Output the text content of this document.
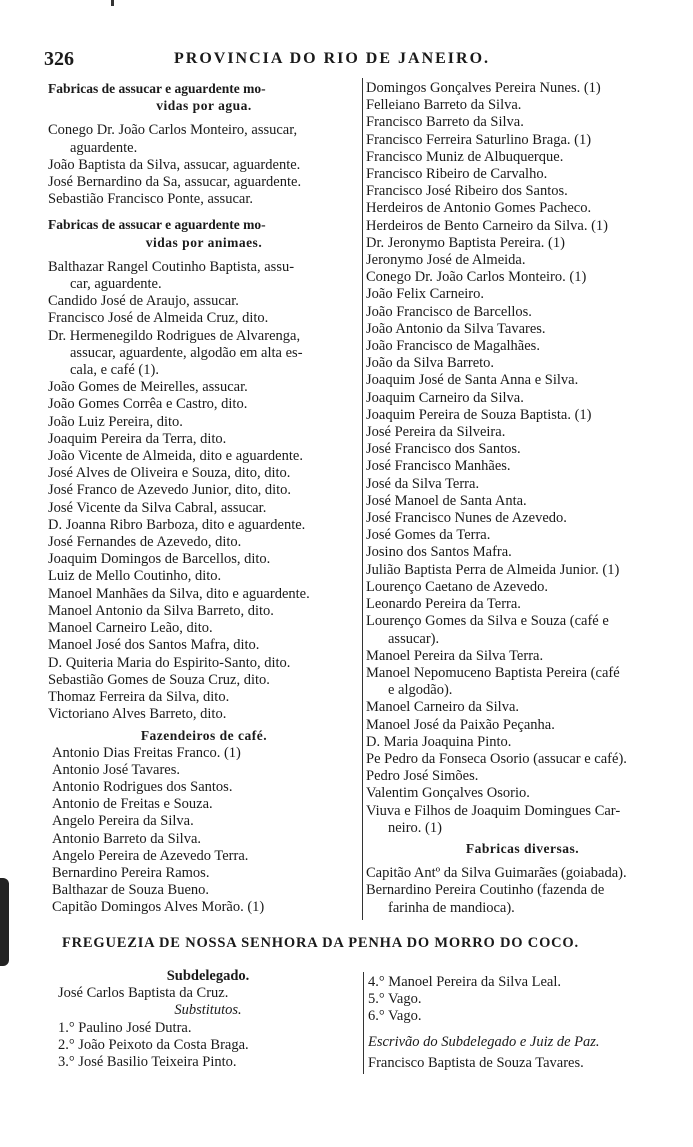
326	PROVINCIA DO RIO DE JANEIRO.
Fabricas de assucar e aguardente mo-
vidas por agua.
Conego Dr. João Carlos Monteiro, assucar,
aguardente.
João Baptista da Silva, assucar, aguardente.
José Bernardino da Sa, assucar, aguardente.
Sebastião Francisco Ponte, assucar.
Fabricas de assucar e aguardente mo-
vidas por animaes.
Balthazar Rangel Coutinho Baptista, assu-
car, aguardente.
Candido José de Araujo, assucar.
Francisco José de Almeida Cruz, dito.
Dr. Hermenegildo Rodrigues de Alvarenga,
assucar, aguardente, algodão em alta es-
cala, e café (1).
João Gomes de Meirelles, assucar.
João Gomes Corrêa e Castro, dito.
João Luiz Pereira, dito.
Joaquim Pereira da Terra, dito.
João Vicente de Almeida, dito e aguardente.
José Alves de Oliveira e Souza, dito, dito.
José Franco de Azevedo Junior, dito, dito.
José Vicente da Silva Cabral, assucar.
D. Joanna Ribro Barboza, dito e aguardente.
José Fernandes de Azevedo, dito.
Joaquim Domingos de Barcellos, dito.
Luiz de Mello Coutinho, dito.
Manoel Manhães da Silva, dito e aguardente.
Manoel Antonio da Silva Barreto, dito.
Manoel Carneiro Leão, dito.
Manoel José dos Santos Mafra, dito.
D. Quiteria Maria do Espirito-Santo, dito.
Sebastião Gomes de Souza Cruz, dito.
Thomaz Ferreira da Silva, dito.
Victoriano Alves Barreto, dito.
Fazendeiros de café.
Antonio Dias Freitas Franco. (1)
Antonio José Tavares.
Antonio Rodrigues dos Santos.
Antonio de Freitas e Souza.
Angelo Pereira da Silva.
Antonio Barreto da Silva.
Angelo Pereira de Azevedo Terra.
Bernardino Pereira Ramos.
Balthazar de Souza Bueno.
Capitão Domingos Alves Morão. (1)
Domingos Gonçalves Pereira Nunes. (1)
Felleiano Barreto da Silva.
Francisco Barreto da Silva.
Francisco Ferreira Saturlino Braga. (1)
Francisco Muniz de Albuquerque.
Francisco Ribeiro de Carvalho.
Francisco José Ribeiro dos Santos.
Herdeiros de Antonio Gomes Pacheco.
Herdeiros de Bento Carneiro da Silva. (1)
Dr. Jeronymo Baptista Pereira. (1)
Jeronymo José de Almeida.
Conego Dr. João Carlos Monteiro. (1)
João Felix Carneiro.
João Francisco de Barcellos.
João Antonio da Silva Tavares.
João Francisco de Magalhães.
João da Silva Barreto.
Joaquim José de Santa Anna e Silva.
Joaquim Carneiro da Silva.
Joaquim Pereira de Souza Baptista. (1)
José Pereira da Silveira.
José Francisco dos Santos.
José Francisco Manhães.
José da Silva Terra.
José Manoel de Santa Anta.
José Francisco Nunes de Azevedo.
José Gomes da Terra.
Josino dos Santos Mafra.
Julião Baptista Perra de Almeida Junior. (1)
Lourenço Caetano de Azevedo.
Leonardo Pereira da Terra.
Lourenço Gomes da Silva e Souza (café e
assucar).
Manoel Pereira da Silva Terra.
Manoel Nepomuceno Baptista Pereira (café
e algodão).
Manoel Carneiro da Silva.
Manoel José da Paixão Peçanha.
D. Maria Joaquina Pinto.
Pe Pedro da Fonseca Osorio (assucar e café).
Pedro José Simões.
Valentim Gonçalves Osorio.
Viuva e Filhos de Joaquim Domingues Car-
neiro. (1)
Fabricas diversas.
Capitão Antº da Silva Guimarães (goiabada).
Bernardino Pereira Coutinho (fazenda de
farinha de mandioca).
FREGUEZIA DE NOSSA SENHORA DA PENHA DO MORRO DO COCO.
Subdelegado.
José Carlos Baptista da Cruz.
Substitutos.
1.° Paulino José Dutra.
2.° João Peixoto da Costa Braga.
3.° José Basilio Teixeira Pinto.
4.° Manoel Pereira da Silva Leal.
5.° Vago.
6.° Vago.
Escrivão do Subdelegado e Juiz de Paz.
Francisco Baptista de Souza Tavares.
